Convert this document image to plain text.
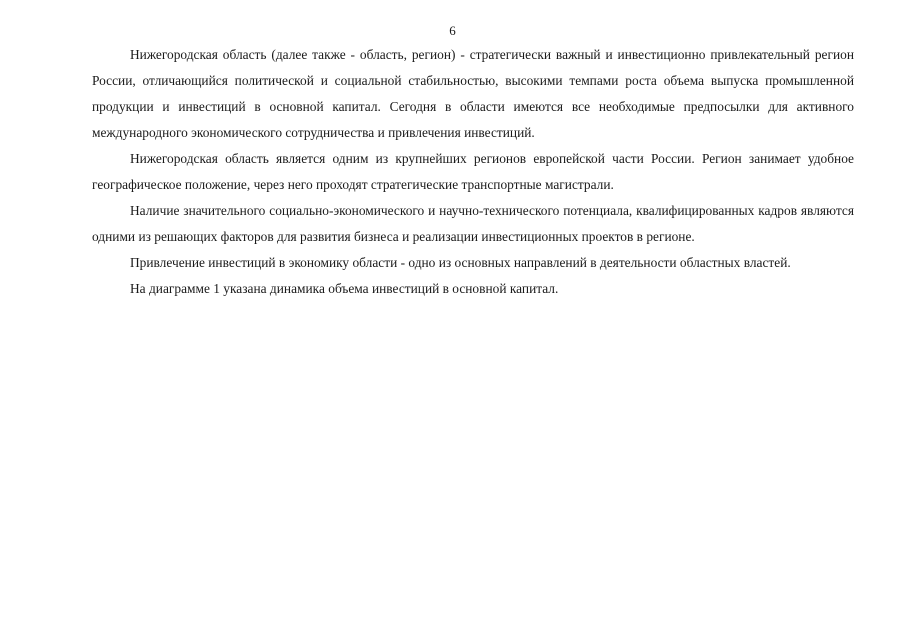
6

Нижегородская область (далее также - область, регион) - стратегически важный и инвестиционно привлекательный регион России, отличающийся политической и социальной стабильностью, высокими темпами роста объема выпуска промышленной продукции и инвестиций в основной капитал. Сегодня в области имеются все необходимые предпосылки для активного международного экономического сотрудничества и привлечения инвестиций.

Нижегородская область является одним из крупнейших регионов европейской части России. Регион занимает удобное географическое положение, через него проходят стратегические транспортные магистрали.

Наличие значительного социально-экономического и научно-технического потенциала, квалифицированных кадров являются одними из решающих факторов для развития бизнеса и реализации инвестиционных проектов в регионе.

Привлечение инвестиций в экономику области - одно из основных направлений в деятельности областных властей.

На диаграмме 1 указана динамика объема инвестиций в основной капитал.
